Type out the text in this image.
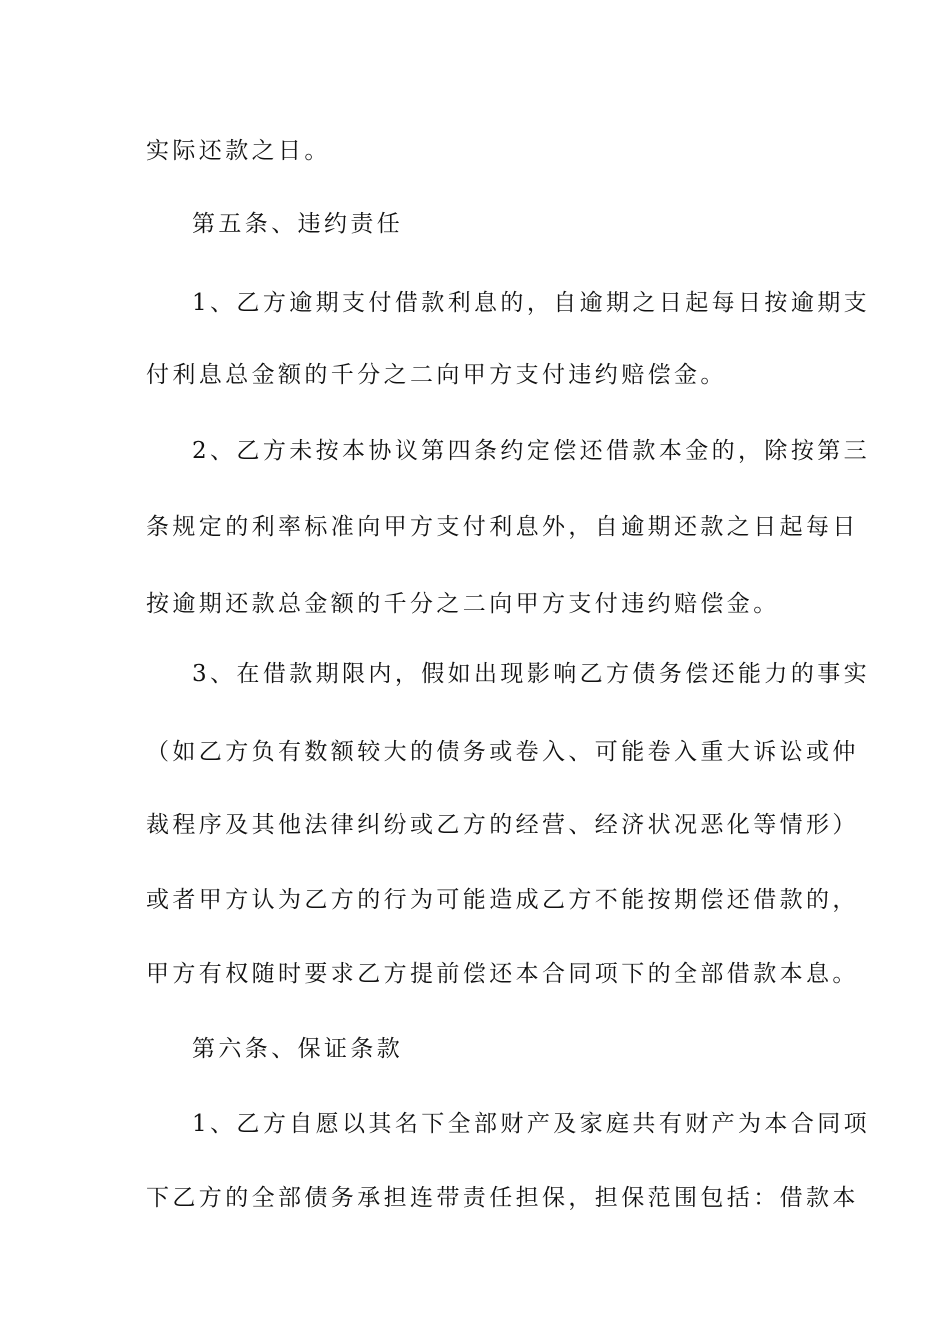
实际还款之日。
第五条、违约责任
1、乙方逾期支付借款利息的，自逾期之日起每日按逾期支
付利息总金额的千分之二向甲方支付违约赔偿金。
2、乙方未按本协议第四条约定偿还借款本金的，除按第三
条规定的利率标准向甲方支付利息外，自逾期还款之日起每日
按逾期还款总金额的千分之二向甲方支付违约赔偿金。
3、在借款期限内，假如出现影响乙方债务偿还能力的事实
（如乙方负有数额较大的债务或卷入、可能卷入重大诉讼或仲
裁程序及其他法律纠纷或乙方的经营、经济状况恶化等情形）
或者甲方认为乙方的行为可能造成乙方不能按期偿还借款的，
甲方有权随时要求乙方提前偿还本合同项下的全部借款本息。
第六条、保证条款
1、乙方自愿以其名下全部财产及家庭共有财产为本合同项
下乙方的全部债务承担连带责任担保，担保范围包括：借款本
